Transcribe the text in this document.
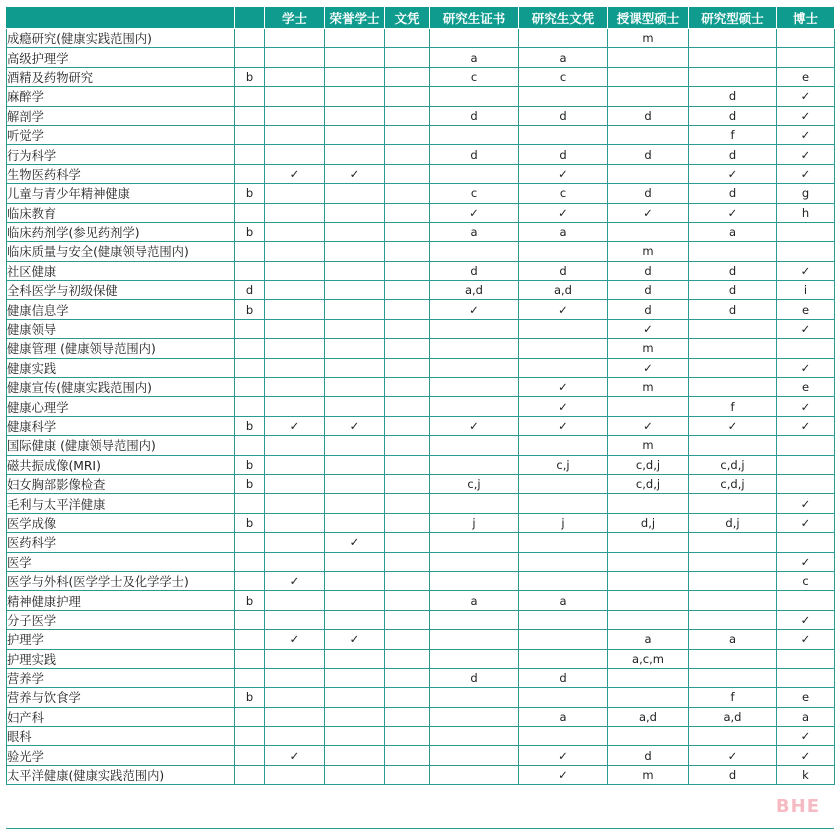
		学士	荣誉学士	文凭	研究生证书	研究生文凭	授课型硕士	研究型硕士	博士
成瘾研究(健康实践范围内)							m		
高级护理学					a	a			
酒精及药物研究	b				c	c			e
麻醉学								d	✓
解剖学					d	d	d	d	✓
听觉学								f	✓
行为科学					d	d	d	d	✓
生物医药科学		✓	✓			✓		✓	✓
儿童与青少年精神健康	b				c	c	d	d	g
临床教育					✓	✓	✓	✓	h
临床药剂学(参见药剂学)	b				a	a		a	
临床质量与安全(健康领导范围内)							m		
社区健康					d	d	d	d	✓
全科医学与初级保健	d				a,d	a,d	d	d	i
健康信息学	b				✓	✓	d	d	e
健康领导							✓		✓
健康管理 (健康领导范围内)							m		
健康实践							✓		✓
健康宣传(健康实践范围内)						✓	m		e
健康心理学						✓		f	✓
健康科学	b	✓	✓		✓	✓	✓	✓	✓
国际健康 (健康领导范围内)							m		
磁共振成像(MRI)	b					c,j	c,d,j	c,d,j	
妇女胸部影像检查	b				c,j		c,d,j	c,d,j	
毛利与太平洋健康									✓
医学成像	b				j	j	d,j	d,j	✓
医药科学			✓						
医学									✓
医学与外科(医学学士及化学学士)		✓							c
精神健康护理	b				a	a			
分子医学									✓
护理学		✓	✓				a	a	✓
护理实践							a,c,m		
营养学					d	d			
营养与饮食学	b							f	e
妇产科						a	a,d	a,d	a
眼科									✓
验光学		✓				✓	d	✓	✓
太平洋健康(健康实践范围内)						✓	m	d	k
BHE
